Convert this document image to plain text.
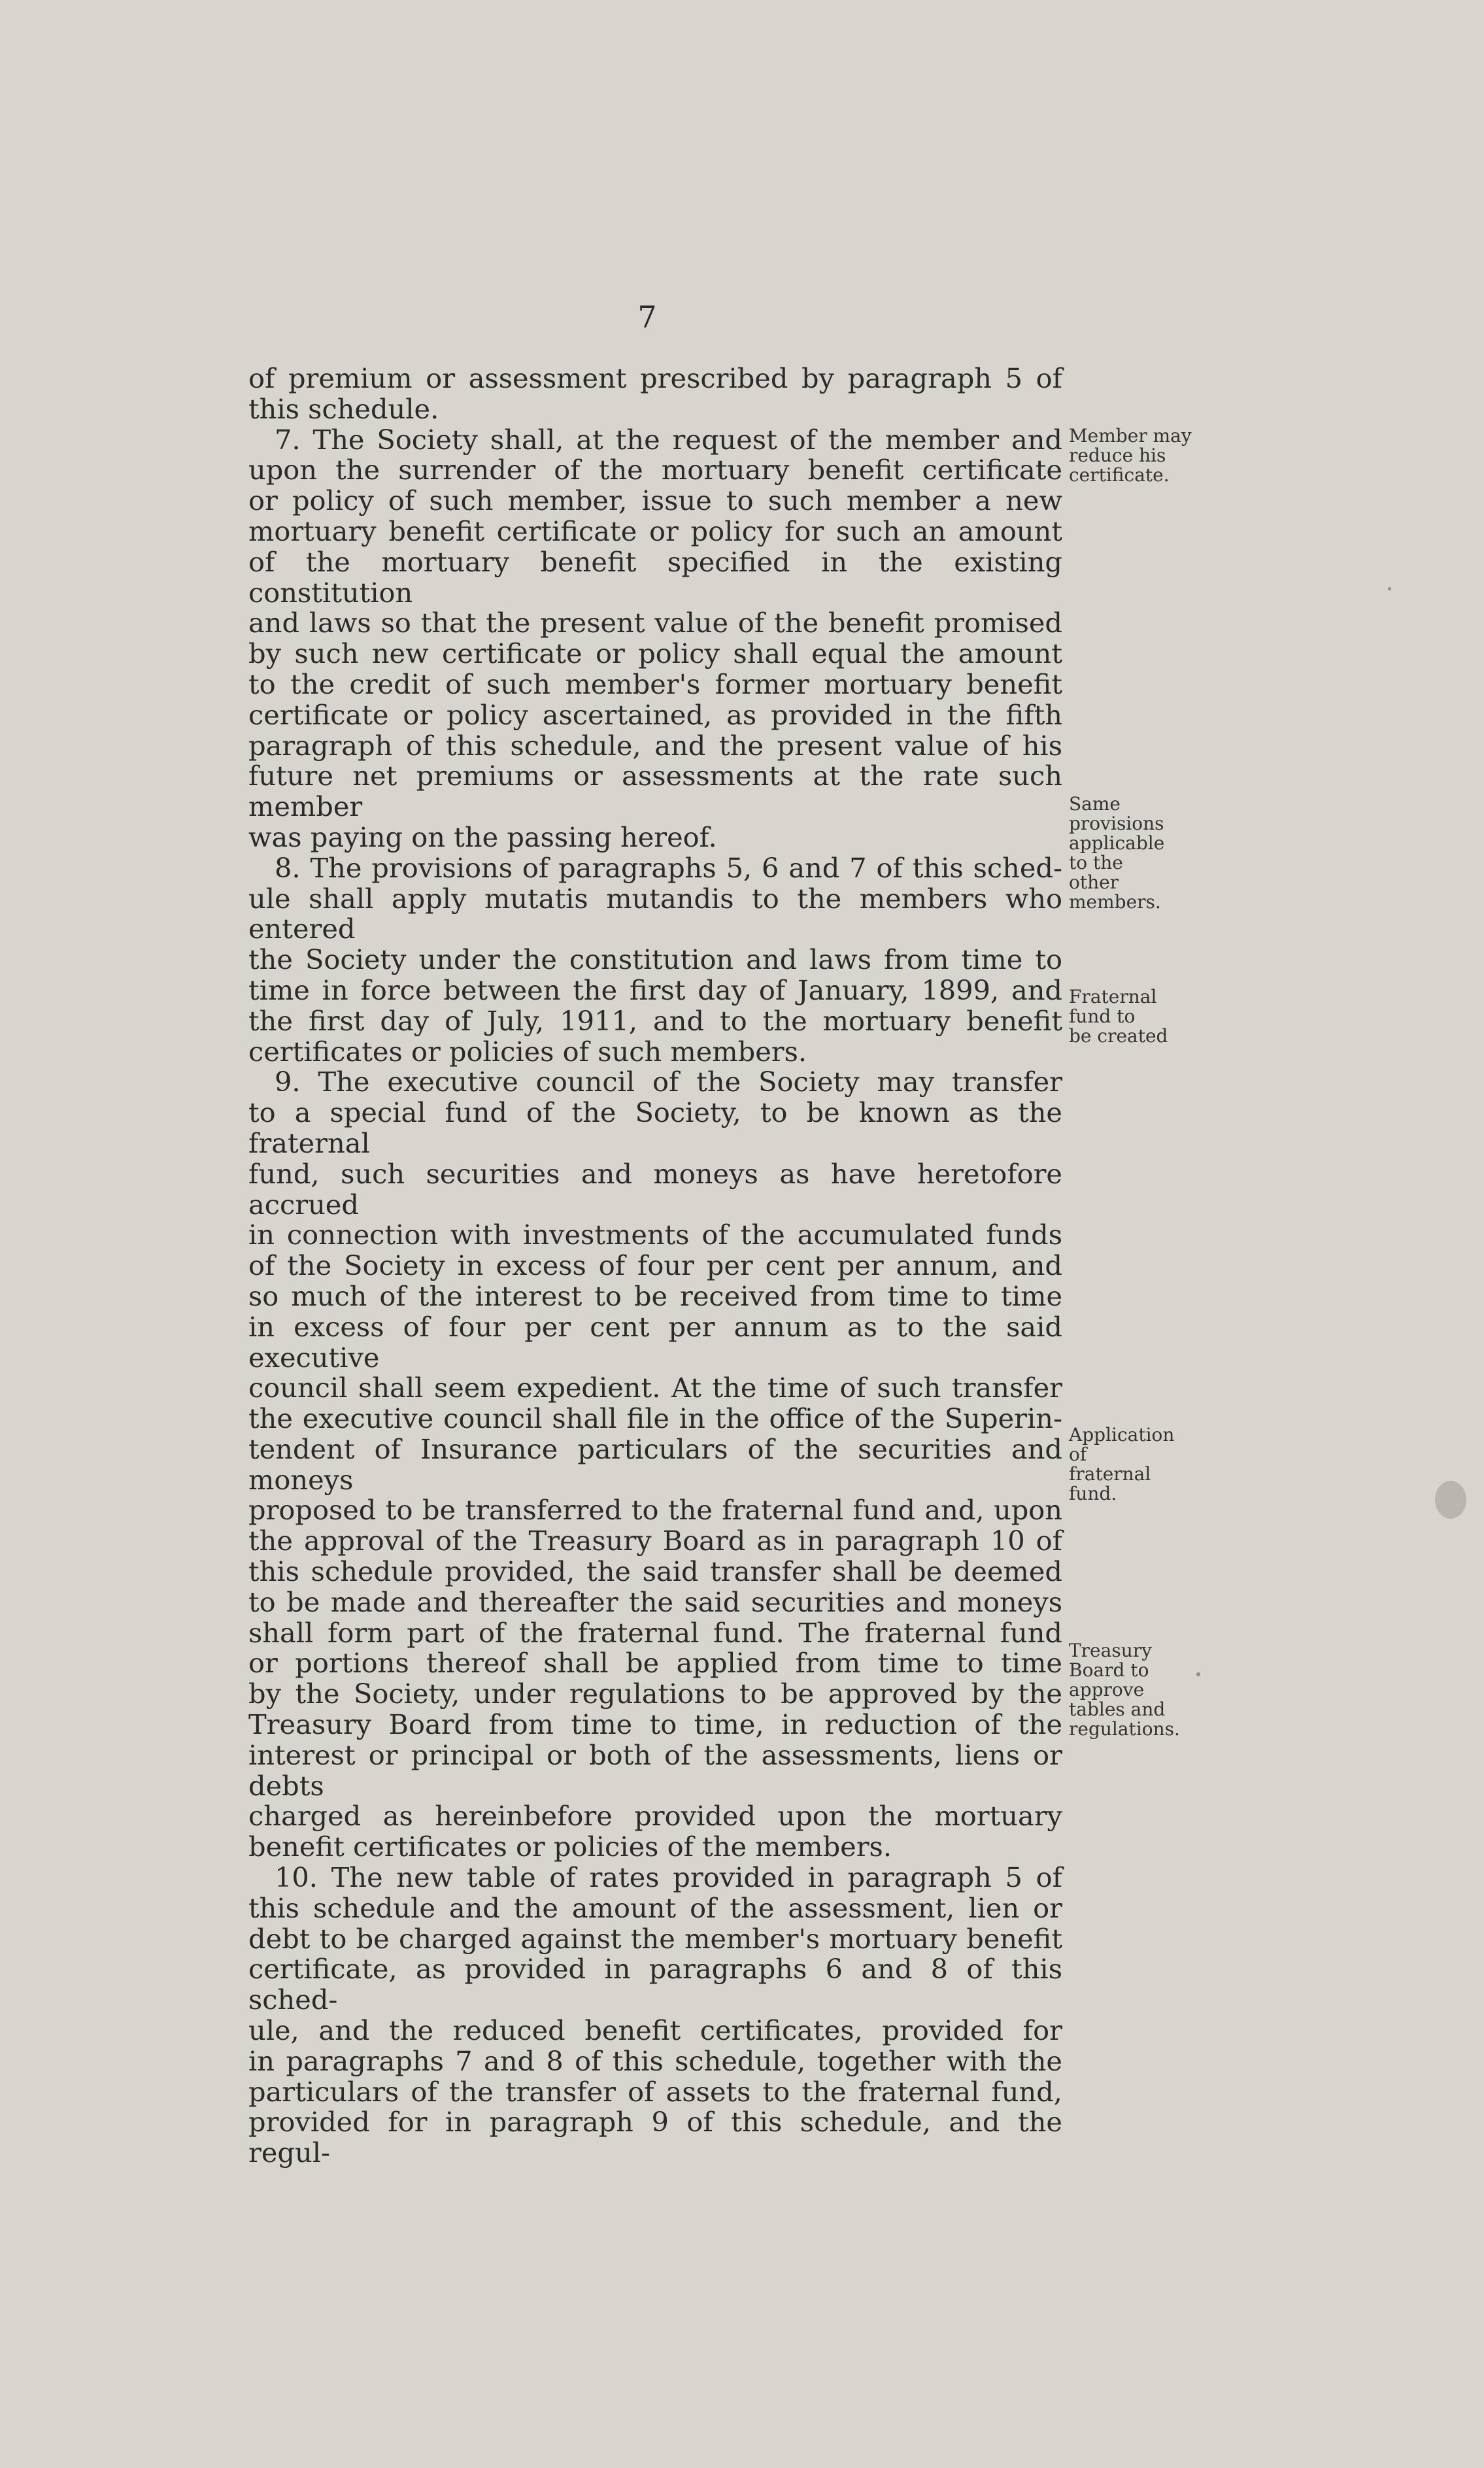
7

of premium or assessment prescribed by paragraph 5 of

this schedule.

7. The Society shall, at the request of the member and

upon the surrender of the mortuary benefit certificate

or policy of such member, issue to such member a new

mortuary benefit certificate or policy for such an amount

of the mortuary benefit specified in the existing constitution

and laws so that the present value of the benefit promised

by such new certificate or policy shall equal the amount

to the credit of such member's former mortuary benefit

certificate or policy ascertained, as provided in the fifth

paragraph of this schedule, and the present value of his

future net premiums or assessments at the rate such member

was paying on the passing hereof.

8. The provisions of paragraphs 5, 6 and 7 of this sched-

ule shall apply mutatis mutandis to the members who entered

the Society under the constitution and laws from time to

time in force between the first day of January, 1899, and

the first day of July, 1911, and to the mortuary benefit

certificates or policies of such members.

9. The executive council of the Society may transfer

to a special fund of the Society, to be known as the fraternal

fund, such securities and moneys as have heretofore accrued

in connection with investments of the accumulated funds

of the Society in excess of four per cent per annum, and

so much of the interest to be received from time to time

in excess of four per cent per annum as to the said executive

council shall seem expedient. At the time of such transfer

the executive council shall file in the office of the Superin-

tendent of Insurance particulars of the securities and moneys

proposed to be transferred to the fraternal fund and, upon

the approval of the Treasury Board as in paragraph 10 of

this schedule provided, the said transfer shall be deemed

to be made and thereafter the said securities and moneys

shall form part of the fraternal fund. The fraternal fund

or portions thereof shall be applied from time to time

by the Society, under regulations to be approved by the

Treasury Board from time to time, in reduction of the

interest or principal or both of the assessments, liens or debts

charged as hereinbefore provided upon the mortuary

benefit certificates or policies of the members.

10. The new table of rates provided in paragraph 5 of

this schedule and the amount of the assessment, lien or

debt to be charged against the member's mortuary benefit

certificate, as provided in paragraphs 6 and 8 of this sched-

ule, and the reduced benefit certificates, provided for

in paragraphs 7 and 8 of this schedule, together with the

particulars of the transfer of assets to the fraternal fund,

provided for in paragraph 9 of this schedule, and the regul-

Member may
reduce his
certificate.
Same
provisions
applicable
to the
other
members.
Fraternal
fund to
be created
Application
of
fraternal
fund.
Treasury
Board to
approve
tables and
regulations.
